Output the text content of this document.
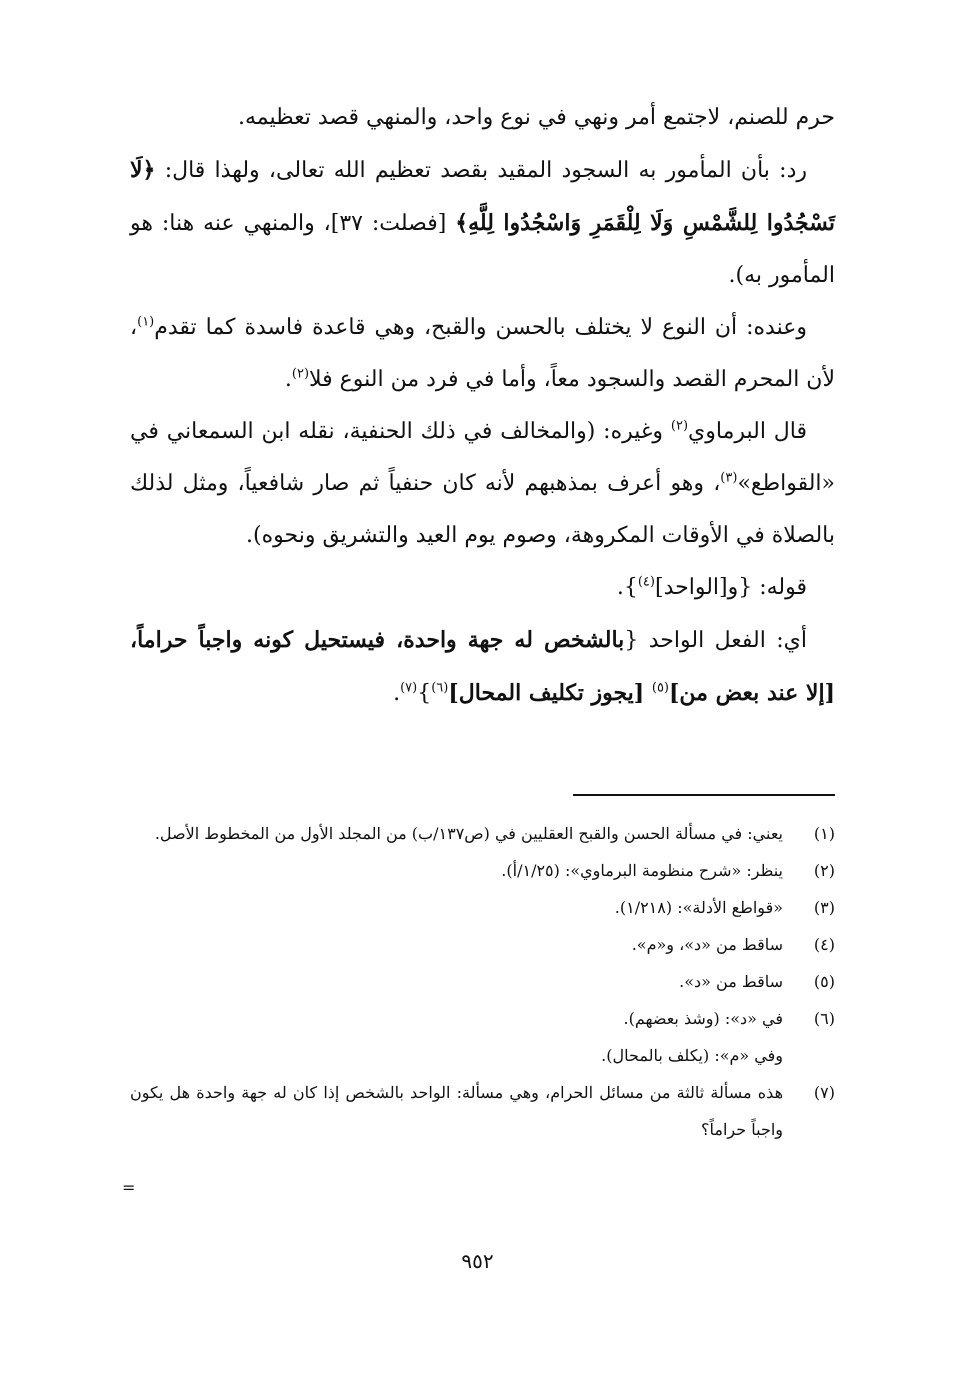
حرم للصنم، لاجتمع أمر ونهي في نوع واحد، والمنهي قصد تعظيمه.

رد: بأن المأمور به السجود المقيد بقصد تعظيم الله تعالى، ولهذا قال: ﴿لَا تَسْجُدُوا لِلشَّمْسِ وَلَا لِلْقَمَرِ وَاسْجُدُوا لِلَّهِ﴾ [فصلت: ٣٧]، والمنهي عنه هنا: هو المأمور به).

وعنده: أن النوع لا يختلف بالحسن والقبح، وهي قاعدة فاسدة كما تقدم$^{(١)}$، لأن المحرم القصد والسجود معاً، وأما في فرد من النوع فلا$^{(٢)}$.

قال البرماوي$^{(٢)}$ وغيره: (والمخالف في ذلك الحنفية، نقله ابن السمعاني في «القواطع»$^{(٣)}$، وهو أعرف بمذهبهم لأنه كان حنفياً ثم صار شافعياً، ومثل لذلك بالصلاة في الأوقات المكروهة، وصوم يوم العيد والتشريق ونحوه).

قوله: {و[الواحد]$^{(٤)}$}.

أي: الفعل الواحد {بالشخص له جهة واحدة، فيستحيل كونه واجباً حراماً، [إلا عند بعض من]$^{(٥)}$ [يجوز تكليف المحال]$^{(٦)}$}$^{(٧)}$.

(١)
يعني: في مسألة الحسن والقبح العقليين في (ص١٣٧/ب) من المجلد الأول من المخطوط الأصل.
(٢)
ينظر: «شرح منظومة البرماوي»: (١/٢٥/أ).
(٣)
«قواطع الأدلة»: (١/٢١٨).
(٤)
ساقط من «د»، و«م».
(٥)
ساقط من «د».
(٦)
في «د»: (وشذ بعضهم).
وفي «م»: (يكلف بالمحال).
(٧)
هذه مسألة ثالثة من مسائل الحرام، وهي مسألة: الواحد بالشخص إذا كان له جهة واحدة هل يكون واجباً حراماً؟
=
٩٥٢
